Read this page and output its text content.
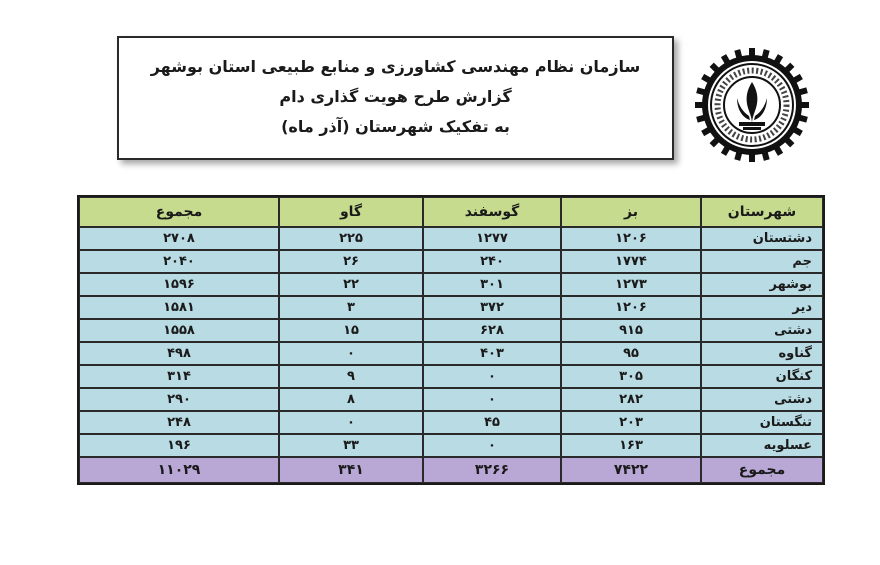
سازمان نظام مهندسی کشاورزی و منابع طبیعی استان بوشهر
گزارش طرح هویت گذاری دام
به تفکیک شهرستان (آذر ماه)
شهرستان	بز	گوسفند	گاو	مجموع
دشتستان	۱۲۰۶	۱۲۷۷	۲۲۵	۲۷۰۸
جم	۱۷۷۴	۲۴۰	۲۶	۲۰۴۰
بوشهر	۱۲۷۳	۳۰۱	۲۲	۱۵۹۶
دیر	۱۲۰۶	۳۷۲	۳	۱۵۸۱
دشتی	۹۱۵	۶۲۸	۱۵	۱۵۵۸
گناوه	۹۵	۴۰۳	۰	۴۹۸
کنگان	۳۰۵	۰	۹	۳۱۴
دشتی	۲۸۲	۰	۸	۲۹۰
تنگستان	۲۰۳	۴۵	۰	۲۴۸
عسلویه	۱۶۳	۰	۳۳	۱۹۶
مجموع	۷۴۲۲	۳۲۶۶	۳۴۱	۱۱۰۲۹
